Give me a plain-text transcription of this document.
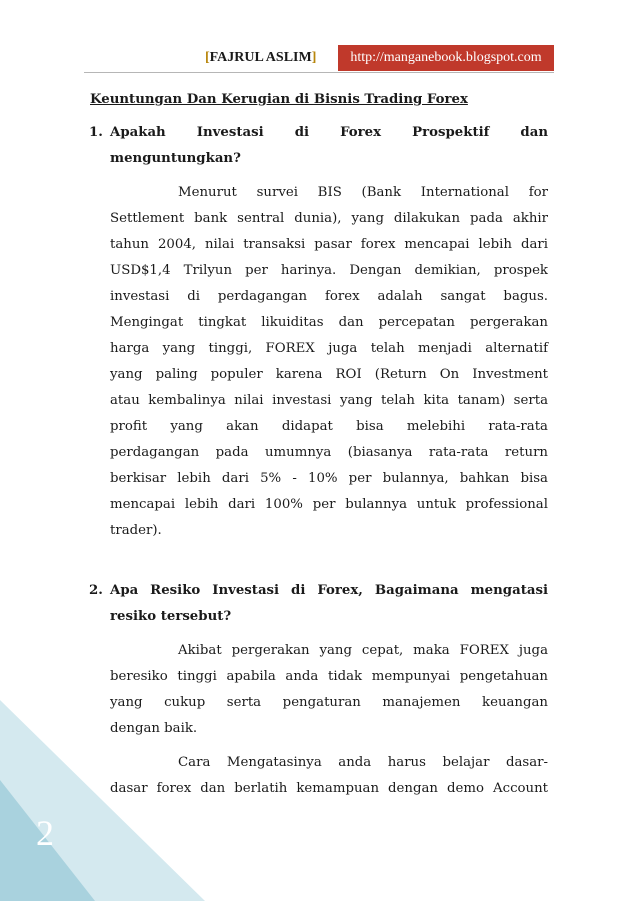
[FAJRUL ASLIM]	http://manganebook.blogspot.com
Keuntungan Dan Kerugian di Bisnis Trading Forex
1. Apakah Investasi di Forex Prospektif dan
menguntungkan?
Menurut survei BIS (Bank International for
Settlement bank sentral dunia), yang dilakukan pada akhir
tahun 2004, nilai transaksi pasar forex mencapai lebih dari
USD$1,4 Trilyun per harinya. Dengan demikian, prospek
investasi di perdagangan forex adalah sangat bagus.
Mengingat tingkat likuiditas dan percepatan pergerakan
harga yang tinggi, FOREX juga telah menjadi alternatif
yang paling populer karena ROI (Return On Investment
atau kembalinya nilai investasi yang telah kita tanam) serta
profit yang akan didapat bisa melebihi rata-rata
perdagangan pada umumnya (biasanya rata-rata return
berkisar lebih dari 5% - 10% per bulannya, bahkan bisa
mencapai lebih dari 100% per bulannya untuk professional
trader).
2. Apa Resiko Investasi di Forex, Bagaimana mengatasi
resiko tersebut?
Akibat pergerakan yang cepat, maka FOREX juga
beresiko tinggi apabila anda tidak mempunyai pengetahuan
yang cukup serta pengaturan manajemen keuangan
dengan baik.
Cara Mengatasinya anda harus belajar dasar-
dasar forex dan berlatih kemampuan dengan demo Account
2
